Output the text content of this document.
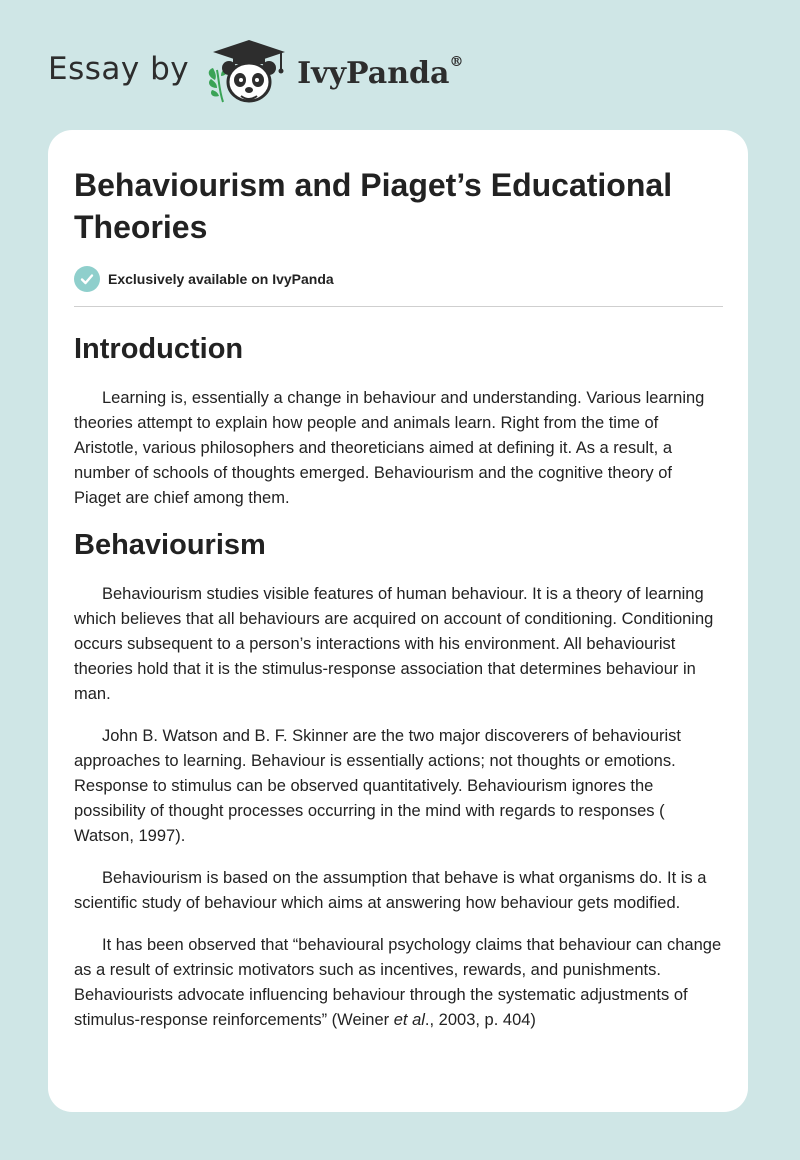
Essay by	IvyPanda®
Behaviourism and Piaget’s Educational Theories
Exclusively available on IvyPanda
Introduction

Learning is, essentially a change in behaviour and understanding. Various learning theories attempt to explain how people and animals learn. Right from the time of Aristotle, various philosophers and theoreticians aimed at defining it. As a result, a number of schools of thoughts emerged. Behaviourism and the cognitive theory of Piaget are chief among them.

Behaviourism

Behaviourism studies visible features of human behaviour. It is a theory of learning which believes that all behaviours are acquired on account of conditioning. Conditioning occurs subsequent to a person’s interactions with his environment. All behaviourist theories hold that it is the stimulus-response association that determines behaviour in man.

John B. Watson and B. F. Skinner are the two major discoverers of behaviourist approaches to learning. Behaviour is essentially actions; not thoughts or emotions. Response to stimulus can be observed quantitatively. Behaviourism ignores the possibility of thought processes occurring in the mind with regards to responses ( Watson, 1997).

Behaviourism is based on the assumption that behave is what organisms do. It is a scientific study of behaviour which aims at answering how behaviour gets modified.

It has been observed that “behavioural psychology claims that behaviour can change as a result of extrinsic motivators such as incentives, rewards, and punishments. Behaviourists advocate influencing behaviour through the systematic adjustments of stimulus-response reinforcements” (Weiner et al., 2003, p. 404)
